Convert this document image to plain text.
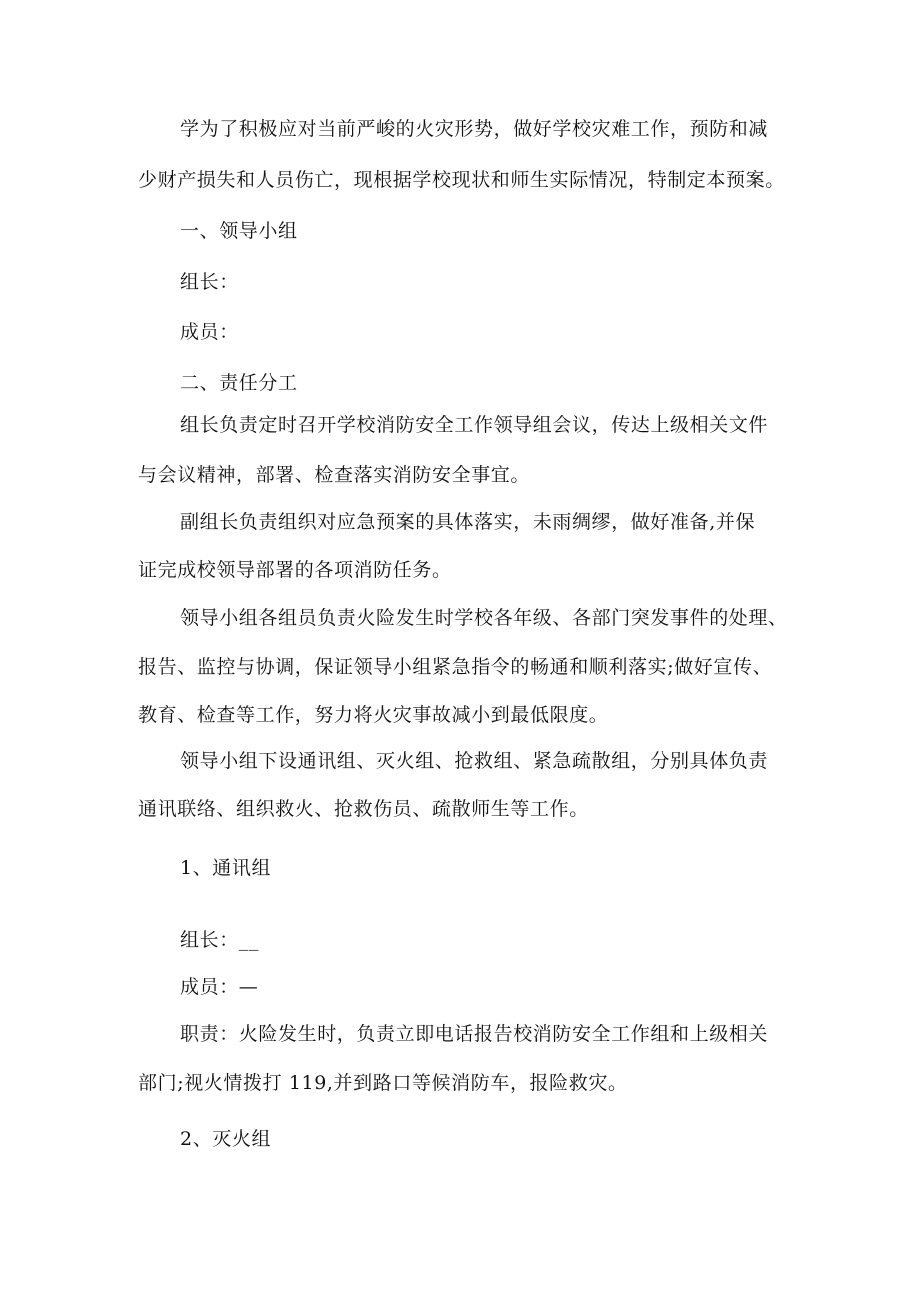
学为了积极应对当前严峻的火灾形势，做好学校灾难工作，预防和减
少财产损失和人员伤亡，现根据学校现状和师生实际情况，特制定本预案。
一、领导小组
组长：
成员：
二、责任分工
组长负责定时召开学校消防安全工作领导组会议，传达上级相关文件
与会议精神，部署、检查落实消防安全事宜。
副组长负责组织对应急预案的具体落实，未雨绸缪，做好准备,并保
证完成校领导部署的各项消防任务。
领导小组各组员负责火险发生时学校各年级、各部门突发事件的处理、
报告、监控与协调，保证领导小组紧急指令的畅通和顺利落实;做好宣传、
教育、检查等工作，努力将火灾事故减小到最低限度。
领导小组下设通讯组、灭火组、抢救组、紧急疏散组，分别具体负责
通讯联络、组织救火、抢救伤员、疏散师生等工作。
1、通讯组
组长：__
成员：—
职责：火险发生时，负责立即电话报告校消防安全工作组和上级相关
部门;视火情拨打 119,并到路口等候消防车，报险救灾。
2、灭火组
